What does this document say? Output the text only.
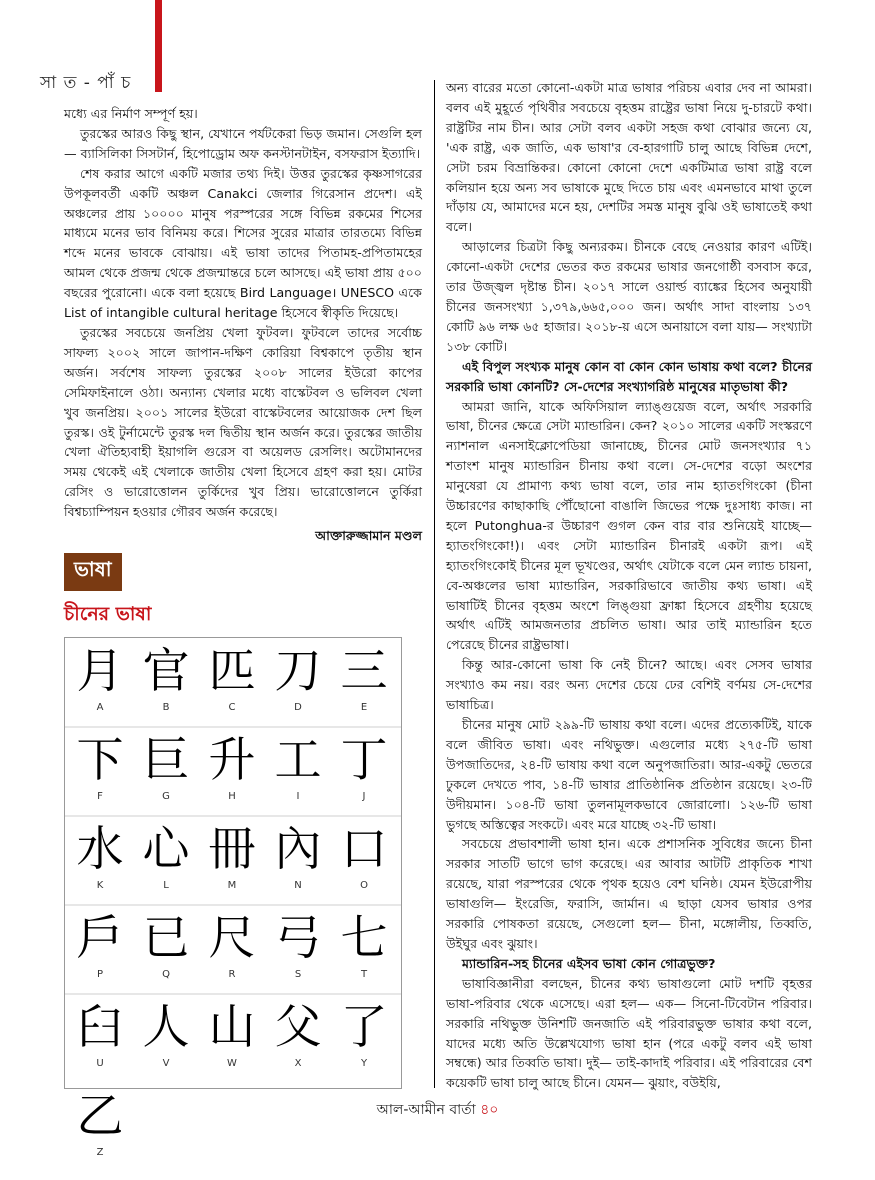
সা ত - পাঁ চ

মধ্যে এর নির্মাণ সম্পূর্ণ হয়।

তুরস্কের আরও কিছু স্থান, যেখানে পর্যটকেরা ভিড় জমান। সেগুলি হল— ব্যাসিলিকা সিসটার্ন, হিপোড্রোম অফ কনস্টানটাইন, বসফরাস ইত্যাদি।

শেষ করার আগে একটি মজার তথ্য দিই। উত্তর তুরস্কের কৃষ্ণসাগরের উপকূলবর্তী একটি অঞ্চল Canakci জেলার গিরেসান প্রদেশ। এই অঞ্চলের প্রায় ১০০০০ মানুষ পরস্পরের সঙ্গে বিভিন্ন রকমের শিসের মাধ্যমে মনের ভাব বিনিময় করে। শিসের সুরের মাত্রার তারতম্যে বিভিন্ন শব্দে মনের ভাবকে বোঝায়। এই ভাষা তাদের পিতামহ-প্রপিতামহের আমল থেকে প্রজন্ম থেকে প্রজন্মান্তরে চলে আসছে। এই ভাষা প্রায় ৫০০ বছরের পুরোনো। একে বলা হয়েছে Bird Language। UNESCO একে List of intangible cultural heritage হিসেবে স্বীকৃতি দিয়েছে।

তুরস্কের সবচেয়ে জনপ্রিয় খেলা ফুটবল। ফুটবলে তাদের সর্বোচ্চ সাফল্য ২০০২ সালে জাপান-দক্ষিণ কোরিয়া বিশ্বকাপে তৃতীয় স্থান অর্জন। সর্বশেষ সাফল্য তুরস্কের ২০০৮ সালের ইউরো কাপের সেমিফাইনালে ওঠা। অন্যান্য খেলার মধ্যে বাস্কেটবল ও ভলিবল খেলা খুব জনপ্রিয়। ২০০১ সালের ইউরো বাস্কেটবলের আয়োজক দেশ ছিল তুরস্ক। ওই টুর্নামেন্টে তুরস্ক দল দ্বিতীয় স্থান অর্জন করে। তুরস্কের জাতীয় খেলা ঐতিহ্যবাহী ইয়াগলি গুরেস বা অয়েলড রেসলিং। অটোমানদের সময় থেকেই এই খেলাকে জাতীয় খেলা হিসেবে গ্রহণ করা হয়। মোটর রেসিং ও ভারোত্তোলন তুর্কিদের খুব প্রিয়। ভারোত্তোলনে তুর্কিরা বিশ্বচ্যাম্পিয়ন হওয়ার গৌরব অর্জন করেছে।

আক্তারুজ্জামান মণ্ডল
ভাষা
চীনের ভাষা
月
A
官
B
匹
C
刀
D
三
E
下
F
巨
G
升
H
工
I
丁
J
水
K
心
L
冊
M
內
N
口
O
戶
P
已
Q
尺
R
弓
S
七
T
臼
U
人
V
山
W
父
X
了
Y
乙
Z

অন্য বারের মতো কোনো-একটা মাত্র ভাষার পরিচয় এবার দেব না আমরা। বলব এই মুহূর্তে পৃথিবীর সবচেয়ে বৃহত্তম রাষ্ট্রের ভাষা নিয়ে দু-চারটে কথা। রাষ্ট্রটির নাম চীন। আর সেটা বলব একটা সহজ কথা বোঝার জন্যে যে, 'এক রাষ্ট্র, এক জাতি, এক ভাষা'র বে-হারগাটি চালু আছে বিভিন্ন দেশে, সেটা চরম বিভ্রান্তিকর। কোনো কোনো দেশে একটিমাত্র ভাষা রাষ্ট্র বলে কলিয়ান হয়ে অন্য সব ভাষাকে মুছে দিতে চায় এবং এমনভাবে মাথা তুলে দাঁড়ায় যে, আমাদের মনে হয়, দেশটির সমস্ত মানুষ বুঝি ওই ভাষাতেই কথা বলে।

আড়ালের চিত্রটা কিছু অন্যরকম। চীনকে বেছে নেওয়ার কারণ এটিই। কোনো-একটা দেশের ভেতর কত রকমের ভাষার জনগোষ্ঠী বসবাস করে, তার উজ্জ্বল দৃষ্টান্ত চীন। ২০১৭ সালে ওয়ার্ল্ড ব্যাঙ্কের হিসেব অনুযায়ী চীনের জনসংখ্যা ১,৩৭৯,৬৬৫,০০০ জন। অর্থাৎ সাদা বাংলায় ১৩৭ কোটি ৯৬ লক্ষ ৬৫ হাজার। ২০১৮-য় এসে অনায়াসে বলা যায়— সংখ্যাটা ১৩৮ কোটি।

এই বিপুল সংখ্যক মানুষ কোন বা কোন কোন ভাষায় কথা বলে? চীনের সরকারি ভাষা কোনটি? সে-দেশের সংখ্যাগরিষ্ঠ মানুষের মাতৃভাষা কী?

আমরা জানি, যাকে অফিসিয়াল ল্যাঙ্গুয়েজ বলে, অর্থাৎ সরকারি ভাষা, চীনের ক্ষেত্রে সেটা ম্যান্ডারিন। কেন? ২০১০ সালের একটি সংস্করণে ন্যাশনাল এনসাইক্লোপেডিয়া জানাচ্ছে, চীনের মোট জনসংখ্যার ৭১ শতাংশ মানুষ ম্যান্ডারিন চীনায় কথা বলে। সে-দেশের বড়ো অংশের মানুষেরা যে প্রামাণ্য কথ্য ভাষা বলে, তার নাম হ্যাতংগিংকো (চীনা উচ্চারণের কাছাকাছি পৌঁছোনো বাঙালি জিভের পক্ষে দুঃসাধ্য কাজ। না হলে Putonghua-র উচ্চারণ গুগল কেন বার বার শুনিয়েই যাচ্ছে— হ্যাতংগিংকো!)। এবং সেটা ম্যান্ডারিন চীনারই একটা রূপ। এই হ্যাতংগিংকোই চীনের মূল ভূখণ্ডের, অর্থাৎ যেটাকে বলে মেন ল্যান্ড চায়না, বে-অঞ্চলের ভাষা ম্যান্ডারিন, সরকারিভাবে জাতীয় কথ্য ভাষা। এই ভাষাটিই চীনের বৃহত্তম অংশে লিঙ্গুয়া ফ্রাঙ্কা হিসেবে গ্রহণীয় হয়েছে অর্থাৎ এটিই আমজনতার প্রচলিত ভাষা। আর তাই ম্যান্ডারিন হতে পেরেছে চীনের রাষ্ট্রভাষা।

কিন্তু আর-কোনো ভাষা কি নেই চীনে? আছে। এবং সেসব ভাষার সংখ্যাও কম নয়। বরং অন্য দেশের চেয়ে ঢের বেশিই বর্ণময় সে-দেশের ভাষাচিত্র।

চীনের মানুষ মোট ২৯৯-টি ভাষায় কথা বলে। এদের প্রত্যেকটিই, যাকে বলে জীবিত ভাষা। এবং নথিভুক্ত। এগুলোর মধ্যে ২৭৫-টি ভাষা উপজাতিদের, ২৪-টি ভাষায় কথা বলে অনুপজাতিরা। আর-একটু ভেতরে ঢুকলে দেখতে পাব, ১৪-টি ভাষার প্রাতিষ্ঠানিক প্রতিষ্ঠান রয়েছে। ২৩-টি উদীয়মান। ১০৪-টি ভাষা তুলনামূলকভাবে জোরালো। ১২৬-টি ভাষা ভুগছে অস্তিত্বের সংকটে। এবং মরে যাচ্ছে ৩২-টি ভাষা।

সবচেয়ে প্রভাবশালী ভাষা হান। একে প্রশাসনিক সুবিধের জন্যে চীনা সরকার সাতটি ভাগে ভাগ করেছে। এর আবার আটটি প্রাকৃতিক শাখা রয়েছে, যারা পরস্পরের থেকে পৃথক হয়েও বেশ ঘনিষ্ঠ। যেমন ইউরোপীয় ভাষাগুলি— ইংরেজি, ফরাসি, জার্মান। এ ছাড়া যেসব ভাষার ওপর সরকারি পোষকতা রয়েছে, সেগুলো হল— চীনা, মঙ্গোলীয়, তিব্বতি, উইঘুর এবং ঝুয়াং।

ম্যান্ডারিন-সহ চীনের এইসব ভাষা কোন গোত্রভুক্ত?

ভাষাবিজ্ঞানীরা বলছেন, চীনের কথ্য ভাষাগুলো মোট দশটি বৃহত্তর ভাষা-পরিবার থেকে এসেছে। এরা হল— এক— সিনো-টিবেটান পরিবার। সরকারি নথিভুক্ত উনিশটি জনজাতি এই পরিবারভুক্ত ভাষার কথা বলে, যাদের মধ্যে অতি উল্লেখযোগ্য ভাষা হান (পরে একটু বলব এই ভাষা সম্বন্ধে) আর তিব্বতি ভাষা। দুই— তাই-কাদাই পরিবার। এই পরিবারের বেশ কয়েকটি ভাষা চালু আছে চীনে। যেমন— ঝুয়াং, বউইয়ি,

আল-আমীন বার্তা ৪০
